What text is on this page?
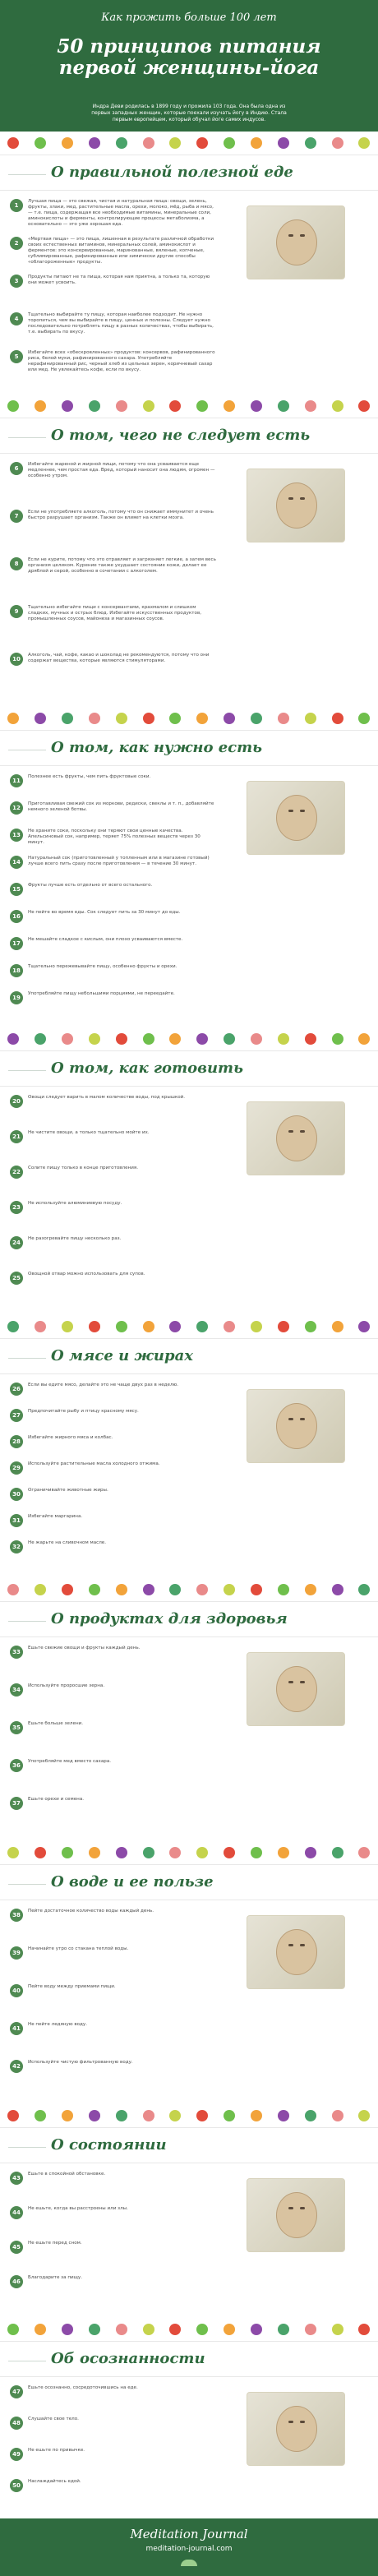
Как прожить больше 100 лет
50 принципов питания
первой женщины-йога
Индра Деви родилась в 1899 году и прожила 103 года. Она была одна из первых западных женщин, которые поехали изучать йогу в Индию. Стала первым европейцем, который обучал йоге самих индусов.
О правильной полезной еде
1
Лучшая пища — это свежая, чистая и натуральная пища: овощи, зелень, фрукты, злаки, мед, растительные масла, орехи, молоко, мёд, рыба и мясо, — т.е. пища, содержащая все необходимые витамины, минеральные соли, аминокислоты и ферменты, контролирующие процессы метаболизма, а основательно — это уже хорошая еда.
2
«Мертвая пища» — это пища, лишенная в результате различной обработки своих естественных витаминов, минеральных солей, аминокислот и ферментов: это консервированные, маринованные, вяленые, копченые, сублимированные, рафинированные или химически другие способы «облагороженные» продукты.
3
Продукты питают не та пища, которая нам приятна, а только та, которую они может усвоить.
4
Тщательно выбирайте ту пищу, которая наиболее подходит. Не нужно торопиться, чем вы выбирайте в пищу, ценных и полезны. Следует нужно последовательно потреблять пищу в разных количествах, чтобы выбирать, т.е. выбирать по вкусу.
5
Избегайте всех «обескровленных» продуктов: консервов, рафинированного риса, белой муки, рафинированного сахара. Употребляйте нерафинированный рис, черный хлеб из цельных зерен, коричневый сахар или мед. Не увлекайтесь кофе, если по вкусу.
О том, чего не следует есть
6
Избегайте жареной и жирной пищи, потому что она усваивается еще медленнее, чем простая еда. Вред, который наносит она людям, огромен — особенно утром.
7
Если не употребляете алкоголь, потому что он снижает иммунитет и очень быстро разрушает организм. Также он влияет на клетки мозга.
8
Если не курите, потому что это отравляет и загрязняет легкие, а затем весь организм целиком. Курение также ухудшает состояние кожи, делает ее дряблой и серой, особенно в сочетании с алкоголем.
9
Тщательно избегайте пищи с консервантами, крахмалом и слишком сладких, мучных и острых блюд. Избегайте искусственных продуктов, промышленных соусов, майонеза и магазинных соусов.
10
Алкоголь, чай, кофе, какао и шоколад не рекомендуются, потому что они содержат вещества, которые являются стимуляторами.
О том, как нужно есть
11
Полезнее есть фрукты, чем пить фруктовые соки.
12
Приготавливая свежий сок из моркови, редиски, свеклы и т. п., добавляйте немного зеленой ботвы.
13
Не храните соки, поскольку они теряют свои ценные качества. Апельсиновый сок, например, теряет 75% полезных веществ через 30 минут.
14
Натуральный сок (приготовленный у топленным или в магазине готовый) лучше всего пить сразу после приготовления — в течение 30 минут.
15
Фрукты лучше есть отдельно от всего остального.
16
Не пейте во время еды. Сок следует пить за 30 минут до еды.
17
Не мешайте сладкое с кислым, они плохо усваиваются вместе.
18
Тщательно пережевывайте пищу, особенно фрукты и орехи.
19
Употребляйте пищу небольшими порциями, не переедайте.
О том, как готовить
20
Овощи следует варить в малом количестве воды, под крышкой.
21
Не чистите овощи, а только тщательно мойте их.
22
Солите пищу только в конце приготовления.
23
Не используйте алюминиевую посуду.
24
Не разогревайте пищу несколько раз.
25
Овощной отвар можно использовать для супов.
О мясе и жирах
26
Если вы едите мясо, делайте это не чаще двух раз в неделю.
27
Предпочитайте рыбу и птицу красному мясу.
28
Избегайте жирного мяса и колбас.
29
Используйте растительные масла холодного отжима.
30
Ограничивайте животные жиры.
31
Избегайте маргарина.
32
Не жарьте на сливочном масле.
О продуктах для здоровья
33
Ешьте свежие овощи и фрукты каждый день.
34
Используйте проросшие зерна.
35
Ешьте больше зелени.
36
Употребляйте мед вместо сахара.
37
Ешьте орехи и семена.
О воде и ее пользе
38
Пейте достаточное количество воды каждый день.
39
Начинайте утро со стакана теплой воды.
40
Пейте воду между приемами пищи.
41
Не пейте ледяную воду.
42
Используйте чистую фильтрованную воду.
О состоянии
43
Ешьте в спокойной обстановке.
44
Не ешьте, когда вы расстроены или злы.
45
Не ешьте перед сном.
46
Благодарите за пищу.
Об осознанности
47
Ешьте осознанно, сосредоточившись на еде.
48
Слушайте свое тело.
49
Не ешьте по привычке.
50
Наслаждайтесь едой.
Meditation Journal
meditation-journal.com
